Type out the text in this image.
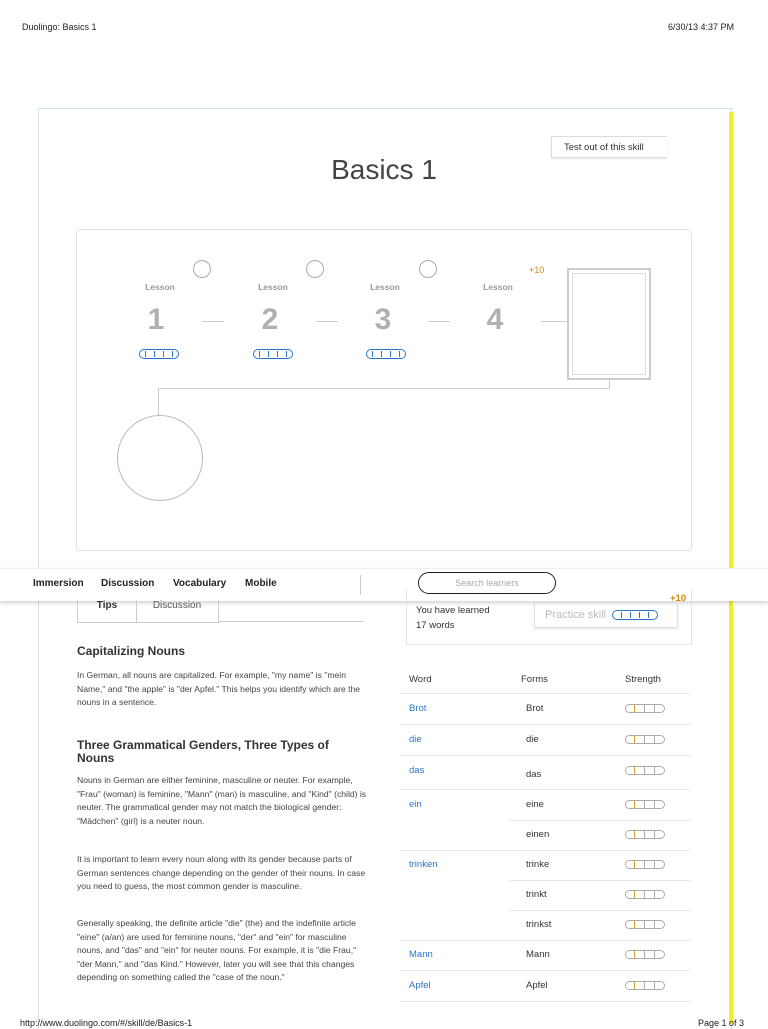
Duolingo: Basics 1	6/30/13 4:37 PM
Test out of this skill
Basics 1
Lesson
1
Lesson
2
Lesson
3
+10
Lesson
4
Immersion Discussion Vocabulary Mobile	Search learners
Tips	Discussion
Capitalizing Nouns
In German, all nouns are capitalized. For example, "my name" is "mein Name," and "the apple" is "der Apfel." This helps you identify which are the nouns in a sentence.
Three Grammatical Genders, Three Types of Nouns
Nouns in German are either feminine, masculine or neuter. For example, "Frau" (woman) is feminine, "Mann" (man) is masculine, and "Kind" (child) is neuter. The grammatical gender may not match the biological gender: "Mädchen" (girl) is a neuter noun.
It is important to learn every noun along with its gender because parts of German sentences change depending on the gender of their nouns. In case you need to guess, the most common gender is masculine.
Generally speaking, the definite article "die" (the) and the indefinite article "eine" (a/an) are used for feminine nouns, "der" and "ein" for masculine nouns, and "das" and "ein" for neuter nouns. For example, it is "die Frau," "der Mann," and "das Kind." However, later you will see that this changes depending on something called the "case of the noun."
You have learned
17 words
Practice skill
+10
Word	Forms	Strength
Brot	Brot
die	die
das	das
ein	eine
einen
trinken	trinke
trinkt
trinkst
Mann	Mann
Apfel	Apfel
http://www.duolingo.com/#/skill/de/Basics-1	Page 1 of 3
